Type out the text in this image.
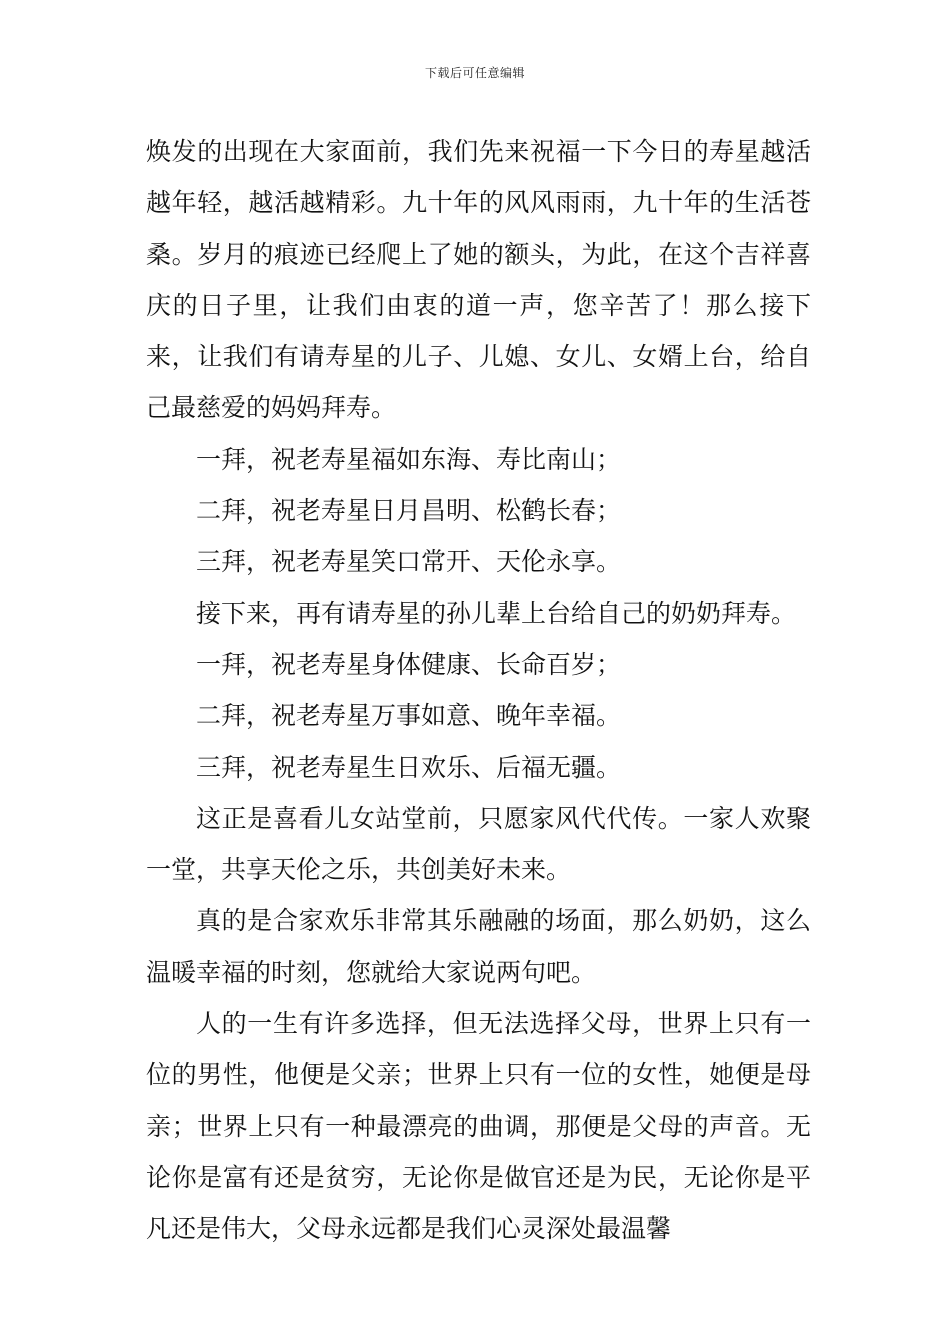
下载后可任意编辑

焕发的出现在大家面前，我们先来祝福一下今日的寿星越活越年轻，越活越精彩。九十年的风风雨雨，九十年的生活苍桑。岁月的痕迹已经爬上了她的额头，为此，在这个吉祥喜庆的日子里，让我们由衷的道一声，您辛苦了！那么接下来，让我们有请寿星的儿子、儿媳、女儿、女婿上台，给自己最慈爱的妈妈拜寿。

一拜，祝老寿星福如东海、寿比南山；

二拜，祝老寿星日月昌明、松鹤长春；

三拜，祝老寿星笑口常开、天伦永享。

接下来，再有请寿星的孙儿辈上台给自己的奶奶拜寿。

一拜，祝老寿星身体健康、长命百岁；

二拜，祝老寿星万事如意、晚年幸福。

三拜，祝老寿星生日欢乐、后福无疆。

这正是喜看儿女站堂前，只愿家风代代传。一家人欢聚一堂，共享天伦之乐，共创美好未来。

真的是合家欢乐非常其乐融融的场面，那么奶奶，这么温暖幸福的时刻，您就给大家说两句吧。

人的一生有许多选择，但无法选择父母，世界上只有一位的男性，他便是父亲；世界上只有一位的女性，她便是母亲；世界上只有一种最漂亮的曲调，那便是父母的声音。无论你是富有还是贫穷，无论你是做官还是为民，无论你是平凡还是伟大，父母永远都是我们心灵深处最温馨
